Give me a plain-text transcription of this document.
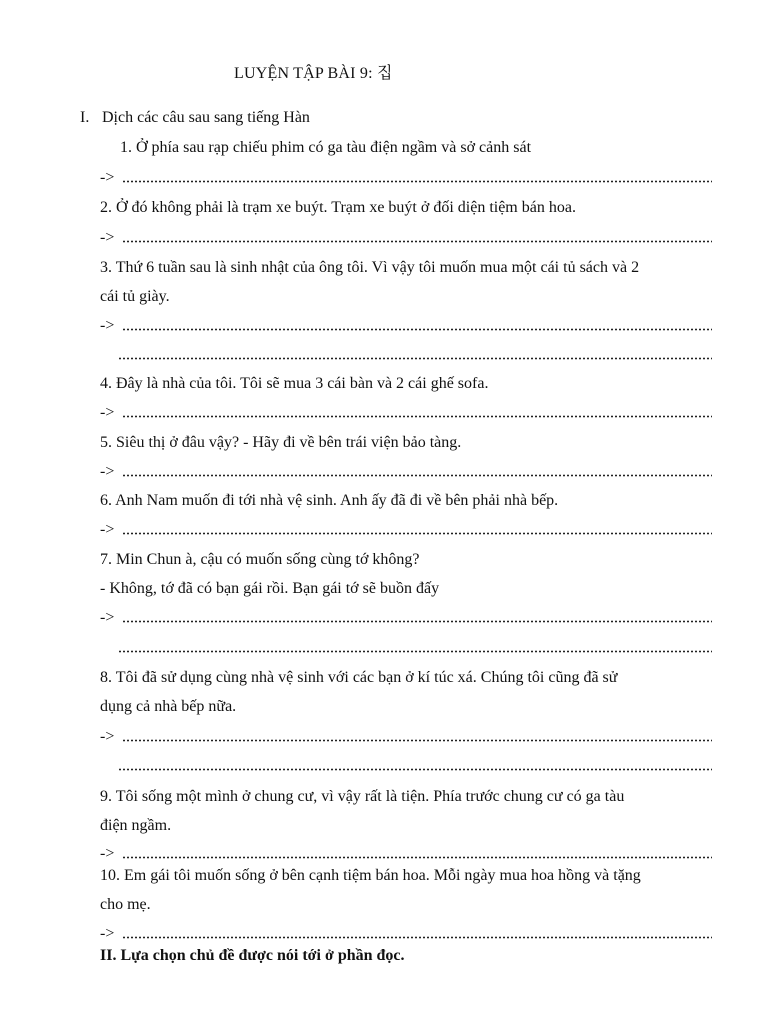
LUYỆN TẬP BÀI 9: 집
I. Dịch các câu sau sang tiếng Hàn
1. Ở phía sau rạp chiếu phim có ga tàu điện ngầm và sở cảnh sát
->
2. Ở đó không phải là trạm xe buýt. Trạm xe buýt ở đối diện tiệm bán hoa.
->
3. Thứ 6 tuần sau là sinh nhật của ông tôi. Vì vậy tôi muốn mua một cái tủ sách và 2
cái tủ giày.
->
4. Đây là nhà của tôi. Tôi sẽ mua 3 cái bàn và 2 cái ghế sofa.
->
5. Siêu thị ở đâu vậy? - Hãy đi về bên trái viện bảo tàng.
->
6. Anh Nam muốn đi tới nhà vệ sinh. Anh ấy đã đi về bên phải nhà bếp.
->
7. Min Chun à, cậu có muốn sống cùng tớ không?
- Không, tớ đã có bạn gái rồi. Bạn gái tớ sẽ buồn đấy
->
8. Tôi đã sử dụng cùng nhà vệ sinh với các bạn ở kí túc xá. Chúng tôi cũng đã sử
dụng cả nhà bếp nữa.
->
9. Tôi sống một mình ở chung cư, vì vậy rất là tiện. Phía trước chung cư có ga tàu
điện ngầm.
->
10. Em gái tôi muốn sống ở bên cạnh tiệm bán hoa. Mỗi ngày mua hoa hồng và tặng
cho mẹ.
->
II. Lựa chọn chủ đề được nói tới ở phần đọc.
